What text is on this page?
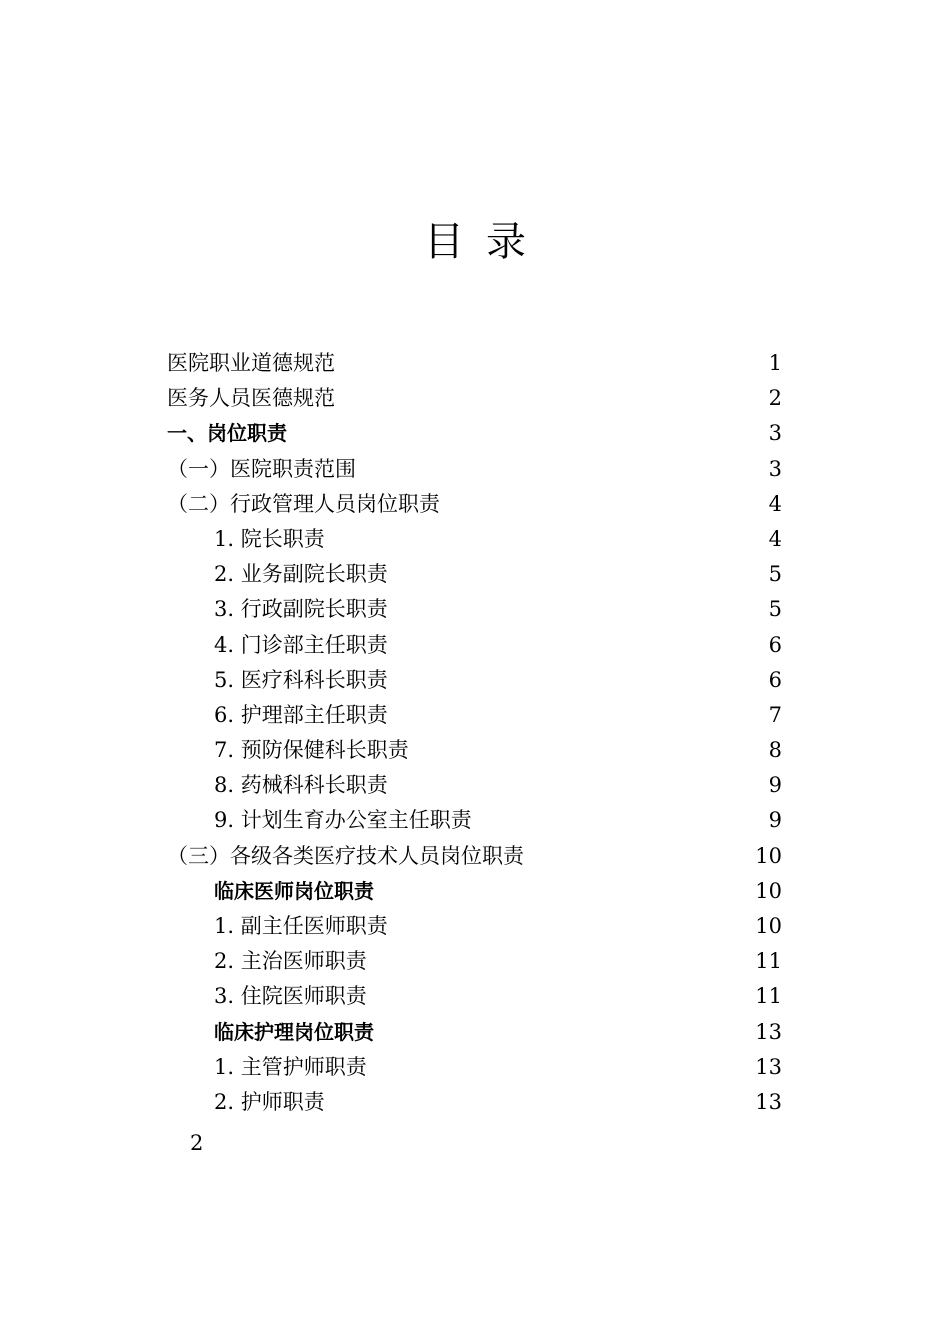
目录
医院职业道德规范	1
医务人员医德规范	2
一、岗位职责	3
（一）医院职责范围	3
（二）行政管理人员岗位职责	4
1. 院长职责	4
2. 业务副院长职责	5
3. 行政副院长职责	5
4. 门诊部主任职责	6
5. 医疗科科长职责	6
6. 护理部主任职责	7
7. 预防保健科长职责	8
8. 药械科科长职责	9
9. 计划生育办公室主任职责	9
（三）各级各类医疗技术人员岗位职责	10
临床医师岗位职责	10
1. 副主任医师职责	10
2. 主治医师职责	11
3. 住院医师职责	11
临床护理岗位职责	13
1. 主管护师职责	13
2. 护师职责	13
2
